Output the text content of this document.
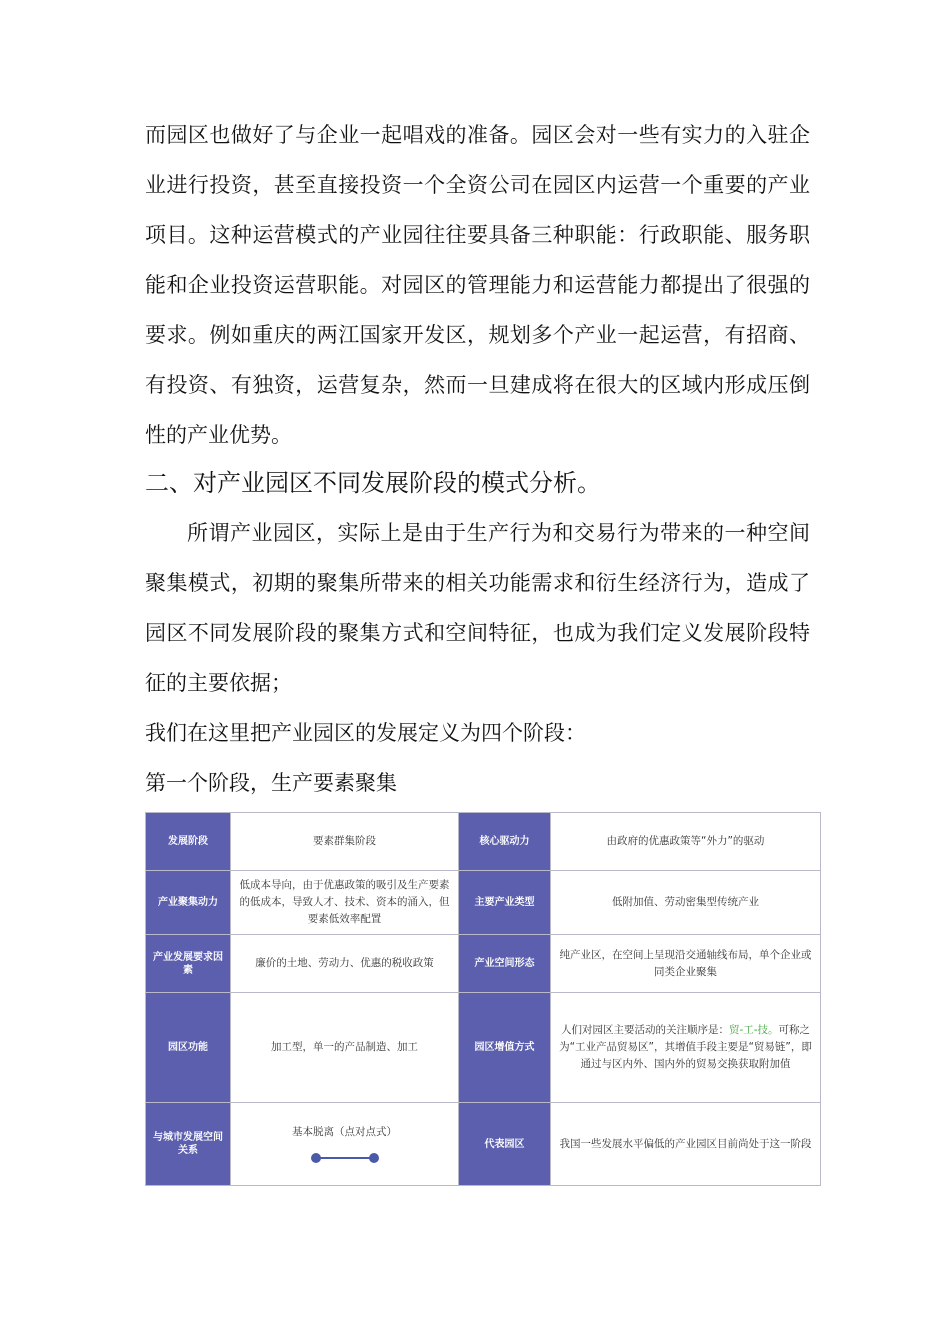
而园区也做好了与企业一起唱戏的准备。园区会对一些有实力的入驻企业进行投资，甚至直接投资一个全资公司在园区内运营一个重要的产业项目。这种运营模式的产业园往往要具备三种职能：行政职能、服务职能和企业投资运营职能。对园区的管理能力和运营能力都提出了很强的要求。例如重庆的两江国家开发区，规划多个产业一起运营，有招商、有投资、有独资，运营复杂，然而一旦建成将在很大的区域内形成压倒性的产业优势。
二、对产业园区不同发展阶段的模式分析。
所谓产业园区，实际上是由于生产行为和交易行为带来的一种空间聚集模式，初期的聚集所带来的相关功能需求和衍生经济行为，造成了园区不同发展阶段的聚集方式和空间特征，也成为我们定义发展阶段特征的主要依据；
我们在这里把产业园区的发展定义为四个阶段：
第一个阶段，生产要素聚集
发展阶段	要素群集阶段	核心驱动力	由政府的优惠政策等“外力”的驱动
产业聚集动力	低成本导向，由于优惠政策的吸引及生产要素的低成本，导致人才、技术、资本的涌入，但要素低效率配置	主要产业类型	低附加值、劳动密集型传统产业
产业发展要求因素	廉价的土地、劳动力、优惠的税收政策	产业空间形态	纯产业区，在空间上呈现沿交通轴线布局，单个企业或同类企业聚集
园区功能	加工型，单一的产品制造、加工	园区增值方式	人们对园区主要活动的关注顺序是：贸-工-技。可称之为“工业产品贸易区”，其增值手段主要是“贸易链”，即通过与区内外、国内外的贸易交换获取附加值
与城市发展空间关系	基本脱离（点对点式）	代表园区	我国一些发展水平偏低的产业园区目前尚处于这一阶段
